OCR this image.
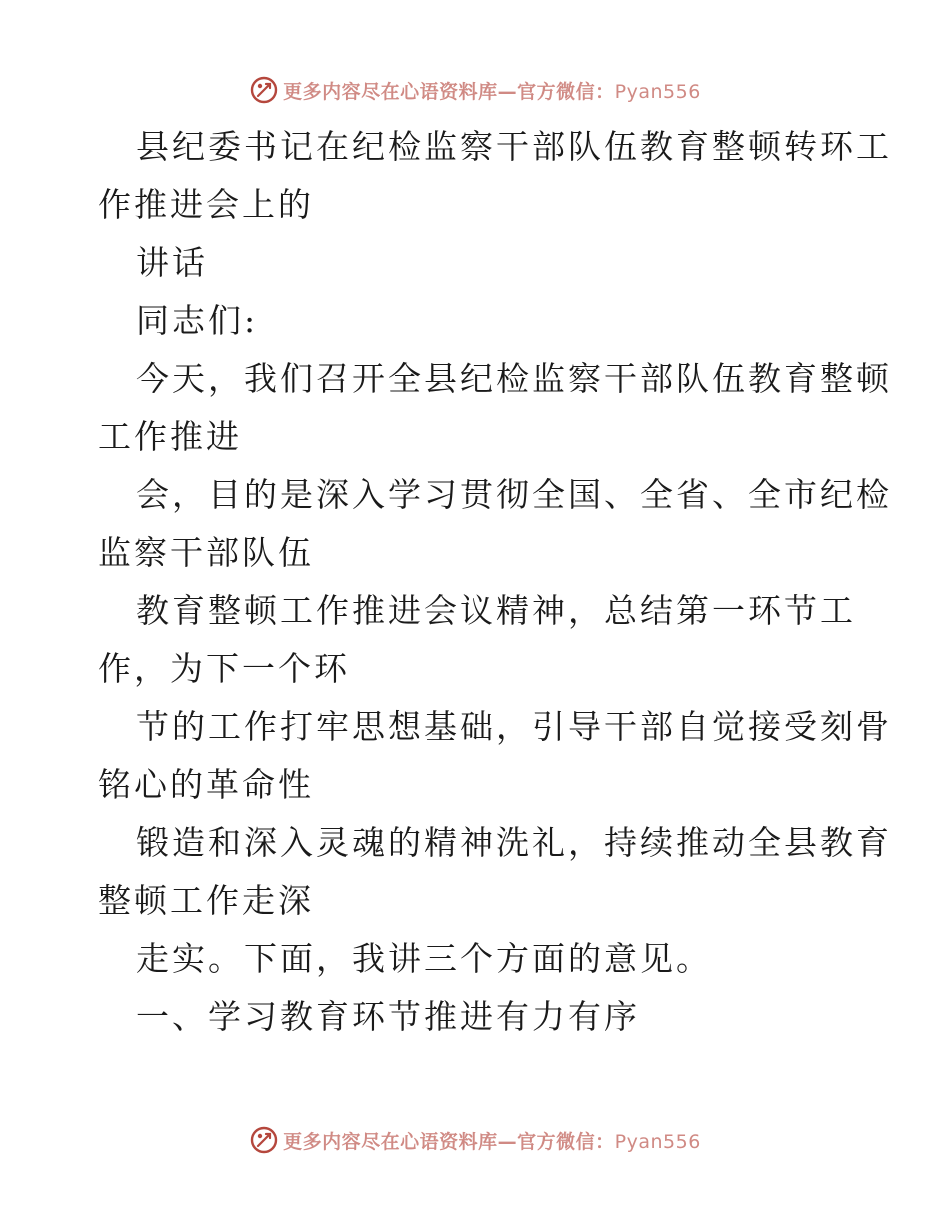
更多内容尽在心语资料库—官方微信：Pyan556
县纪委书记在纪检监察干部队伍教育整顿转环工
作推进会上的
讲话
同志们:
今天，我们召开全县纪检监察干部队伍教育整顿
工作推进
会，目的是深入学习贯彻全国、全省、全市纪检
监察干部队伍
教育整顿工作推进会议精神，总结第一环节工
作，为下一个环
节的工作打牢思想基础，引导干部自觉接受刻骨
铭心的革命性
锻造和深入灵魂的精神洗礼，持续推动全县教育
整顿工作走深
走实。下面，我讲三个方面的意见。
一、学习教育环节推进有力有序
更多内容尽在心语资料库—官方微信：Pyan556
